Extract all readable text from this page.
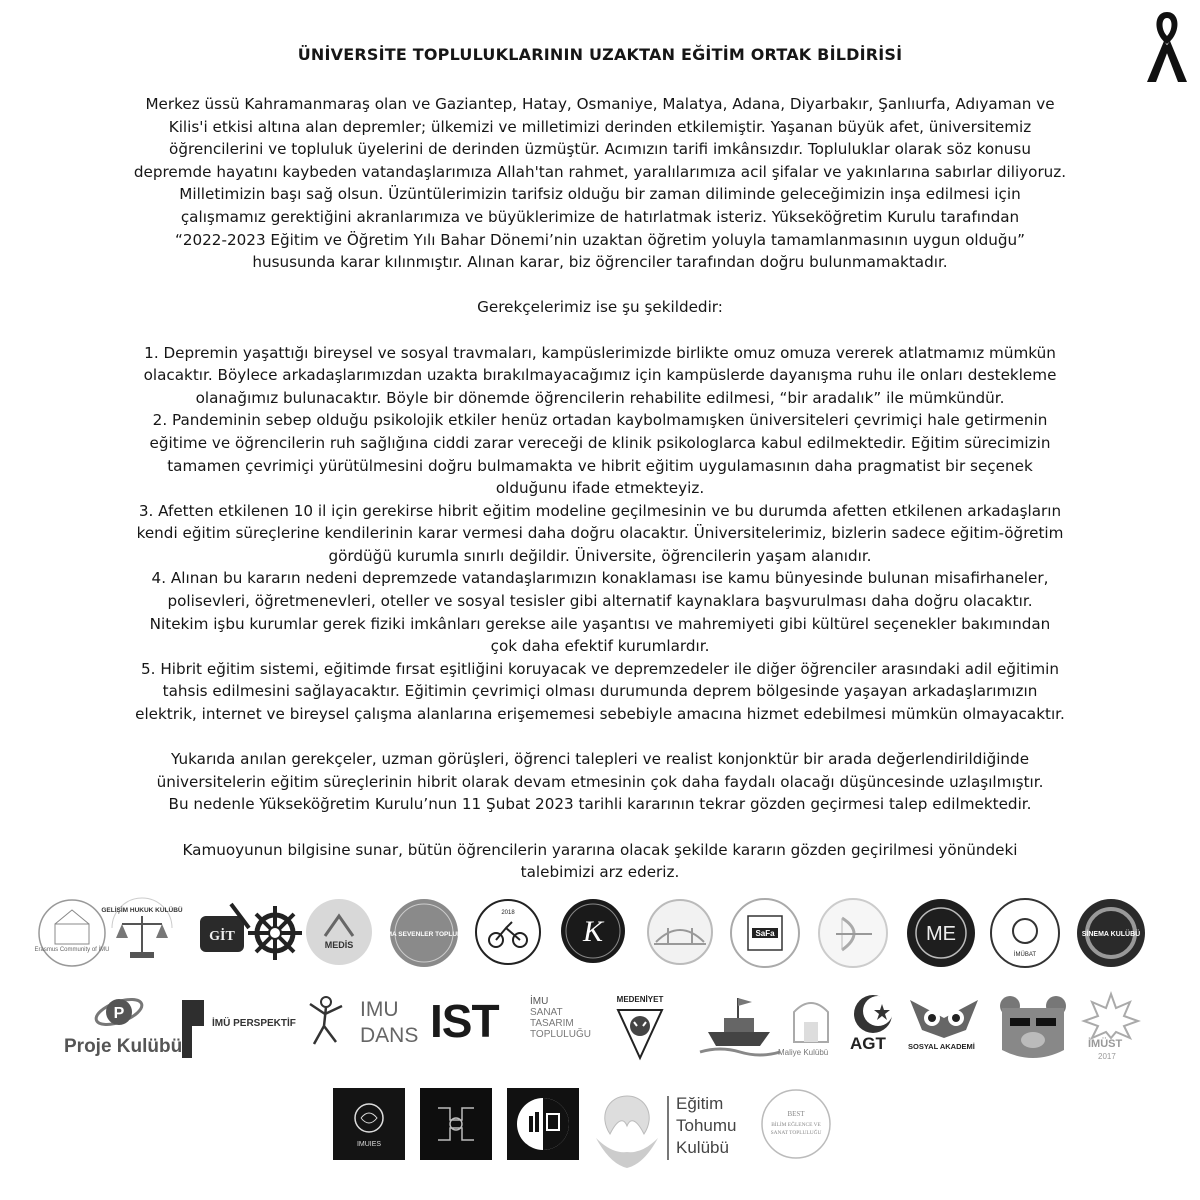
ÜNİVERSİTE TOPLULUKLARININ UZAKTAN EĞİTİM ORTAK BİLDİRİSİ

Merkez üssü Kahramanmaraş olan ve Gaziantep, Hatay, Osmaniye, Malatya, Adana, Diyarbakır, Şanlıurfa, Adıyaman ve

Kilis'i etkisi altına alan depremler; ülkemizi ve milletimizi derinden etkilemiştir. Yaşanan büyük afet, üniversitemiz

öğrencilerini ve topluluk üyelerini de derinden üzmüştür. Acımızın tarifi imkânsızdır. Topluluklar olarak söz konusu

depremde hayatını kaybeden vatandaşlarımıza Allah'tan rahmet, yaralılarımıza acil şifalar ve yakınlarına sabırlar diliyoruz.

Milletimizin başı sağ olsun. Üzüntülerimizin tarifsiz olduğu bir zaman diliminde geleceğimizin inşa edilmesi için

çalışmamız gerektiğini akranlarımıza ve büyüklerimize de hatırlatmak isteriz. Yükseköğretim Kurulu tarafından

“2022-2023 Eğitim ve Öğretim Yılı Bahar Dönemi’nin uzaktan öğretim yoluyla tamamlanmasının uygun olduğu”

hususunda karar kılınmıştır. Alınan karar, biz öğrenciler tarafından doğru bulunmamaktadır.

Gerekçelerimiz ise şu şekildedir:

1. Depremin yaşattığı bireysel ve sosyal travmaları, kampüslerimizde birlikte omuz omuza vererek atlatmamız mümkün

olacaktır. Böylece arkadaşlarımızdan uzakta bırakılmayacağımız için kampüslerde dayanışma ruhu ile onları destekleme

olanağımız bulunacaktır. Böyle bir dönemde öğrencilerin rehabilite edilmesi, “bir aradalık” ile mümkündür.

2. Pandeminin sebep olduğu psikolojik etkiler henüz ortadan kaybolmamışken üniversiteleri çevrimiçi hale getirmenin

eğitime ve öğrencilerin ruh sağlığına ciddi zarar vereceği de klinik psikologlarca kabul edilmektedir. Eğitim sürecimizin

tamamen çevrimiçi yürütülmesini doğru bulmamakta ve hibrit eğitim uygulamasının daha pragmatist bir seçenek

olduğunu ifade etmekteyiz.

3. Afetten etkilenen 10 il için gerekirse hibrit eğitim modeline geçilmesinin ve bu durumda afetten etkilenen arkadaşların

kendi eğitim süreçlerine kendilerinin karar vermesi daha doğru olacaktır. Üniversitelerimiz, bizlerin sadece eğitim-öğretim

gördüğü kurumla sınırlı değildir. Üniversite, öğrencilerin yaşam alanıdır.

4. Alınan bu kararın nedeni depremzede vatandaşlarımızın konaklaması ise kamu bünyesinde bulunan misafirhaneler,

polisevleri, öğretmenevleri, oteller ve sosyal tesisler gibi alternatif kaynaklara başvurulması daha doğru olacaktır.

Nitekim işbu kurumlar gerek fiziki imkânları gerekse aile yaşantısı ve mahremiyeti gibi kültürel seçenekler bakımından

çok daha efektif kurumlardır.

5. Hibrit eğitim sistemi, eğitimde fırsat eşitliğini koruyacak ve depremzedeler ile diğer öğrenciler arasındaki adil eğitimin

tahsis edilmesini sağlayacaktır. Eğitimin çevrimiçi olması durumunda deprem bölgesinde yaşayan arkadaşlarımızın

elektrik, internet ve bireysel çalışma alanlarına erişememesi sebebiyle amacına hizmet edebilmesi mümkün olmayacaktır.

Yukarıda anılan gerekçeler, uzman görüşleri, öğrenci talepleri ve realist konjonktür bir arada değerlendirildiğinde

üniversitelerin eğitim süreçlerinin hibrit olarak devam etmesinin çok daha faydalı olacağı düşüncesinde uzlaşılmıştır.

Bu nedenle Yükseköğretim Kurulu’nun 11 Şubat 2023 tarihli kararının tekrar gözden geçirmesi talep edilmektedir.

Kamuoyunun bilgisine sunar, bütün öğrencilerin yararına olacak şekilde kararın gözden geçirilmesi yönündeki

talebimizi arz ederiz.

Erasmus Community of İMU
GELİŞİM HUKUK KULÜBÜ
GİT
MEDİS
DRAMA SEVENLER TOPLULUĞU
2018
K	SaFa	ME
İMÜBAT
SİNEMA KULÜBÜ
P
Proje Kulübü
İMÜ PERSPEKTİF
IMU
DANS IST	İMU
SANAT
TASARIM
TOPLULUĞU
MEDENİYET
Maliye Kulübü AGT	SOSYAL AKADEMİ	İMÜST
2017
IMUIES
Eğitim
Tohumu
Kulübü
BEST
BİLİM EĞLENCE VE
SANAT TOPLULUĞU
